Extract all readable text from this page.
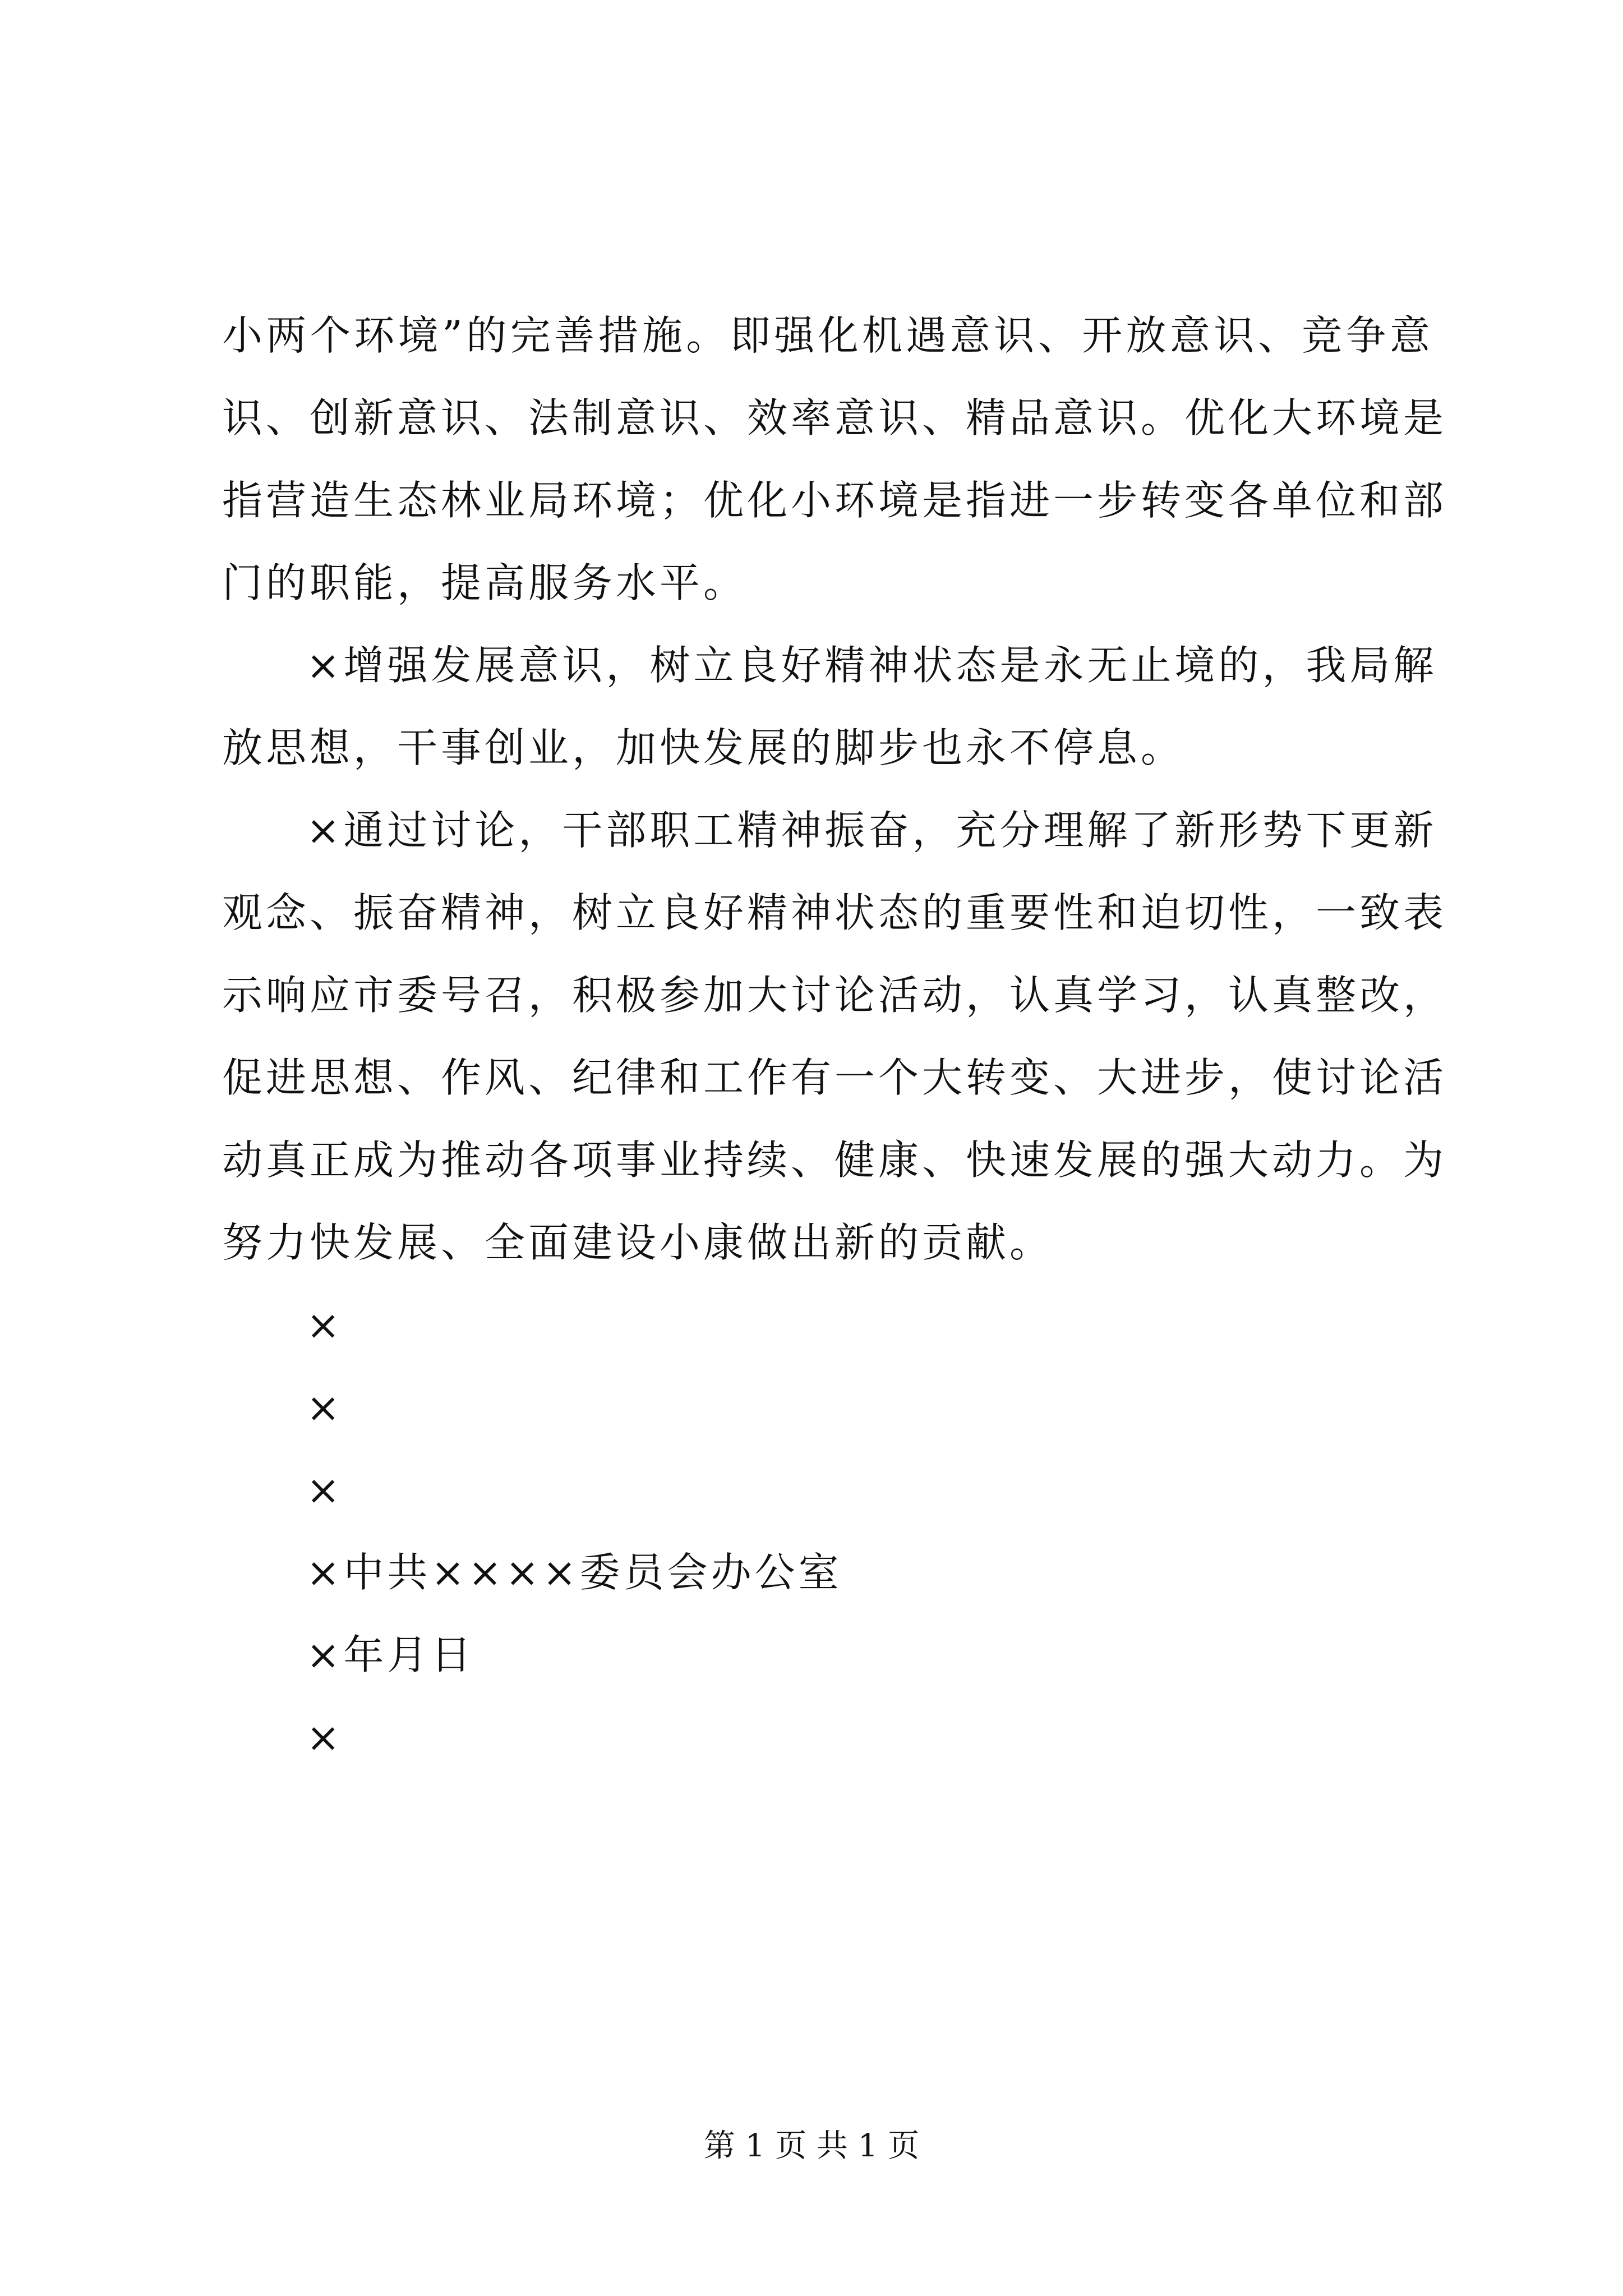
小两个环境”的完善措施。即强化机遇意识、开放意识、竞争意
识、创新意识、法制意识、效率意识、精品意识。优化大环境是
指营造生态林业局环境；优化小环境是指进一步转变各单位和部
门的职能，提高服务水平。
×增强发展意识，树立良好精神状态是永无止境的，我局解
放思想，干事创业，加快发展的脚步也永不停息。
×通过讨论，干部职工精神振奋，充分理解了新形势下更新
观念、振奋精神，树立良好精神状态的重要性和迫切性，一致表
示响应市委号召，积极参加大讨论活动，认真学习，认真整改，
促进思想、作风、纪律和工作有一个大转变、大进步，使讨论活
动真正成为推动各项事业持续、健康、快速发展的强大动力。为
努力快发展、全面建设小康做出新的贡献。
×
×
×
×中共××××委员会办公室
×年月日
×
第 1 页 共 1 页
